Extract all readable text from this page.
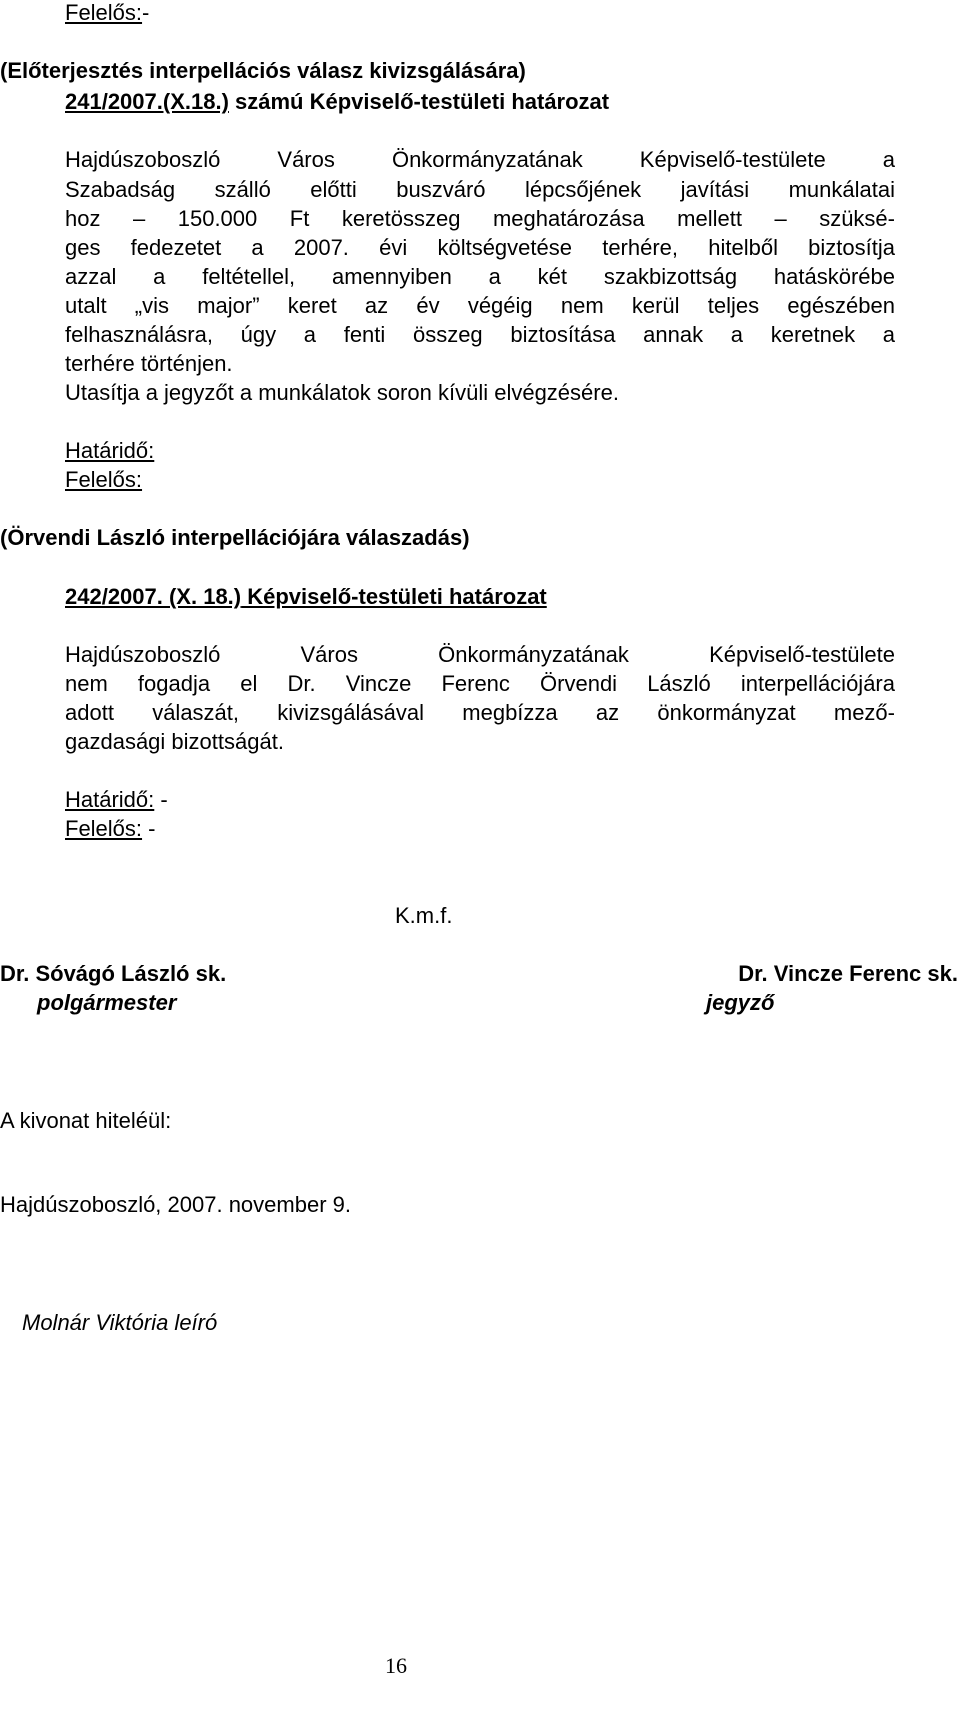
Felelős:-
(Előterjesztés interpellációs válasz kivizsgálására)
241/2007.(X.18.) számú Képviselő-testületi határozat
Hajdúszoboszló Város Önkormányzatának Képviselő-testülete a
Szabadság szálló előtti buszváró lépcsőjének javítási munkálatai
hoz – 150.000 Ft keretösszeg meghatározása mellett – szüksé-
ges fedezetet a 2007. évi költségvetése terhére, hitelből biztosítja
azzal a feltétellel, amennyiben a két szakbizottság hatáskörébe
utalt „vis major” keret az év végéig nem kerül teljes egészében
felhasználásra, úgy a fenti összeg biztosítása annak a keretnek a
terhére történjen.
Utasítja a jegyzőt a munkálatok soron kívüli elvégzésére.
Határidő:
Felelős:
(Örvendi László interpellációjára válaszadás)
242/2007. (X. 18.) Képviselő-testületi határozat
Hajdúszoboszló Város Önkormányzatának Képviselő-testülete
nem fogadja el Dr. Vincze Ferenc Örvendi László interpellációjára
adott válaszát, kivizsgálásával megbízza az önkormányzat mező-
gazdasági bizottságát.
Határidő: -
Felelős: -
K.m.f.
Dr. Sóvágó László sk.
polgármester
Dr. Vincze Ferenc sk.
jegyző
A kivonat hiteléül:
Hajdúszoboszló, 2007. november 9.
Molnár Viktória leíró
16
